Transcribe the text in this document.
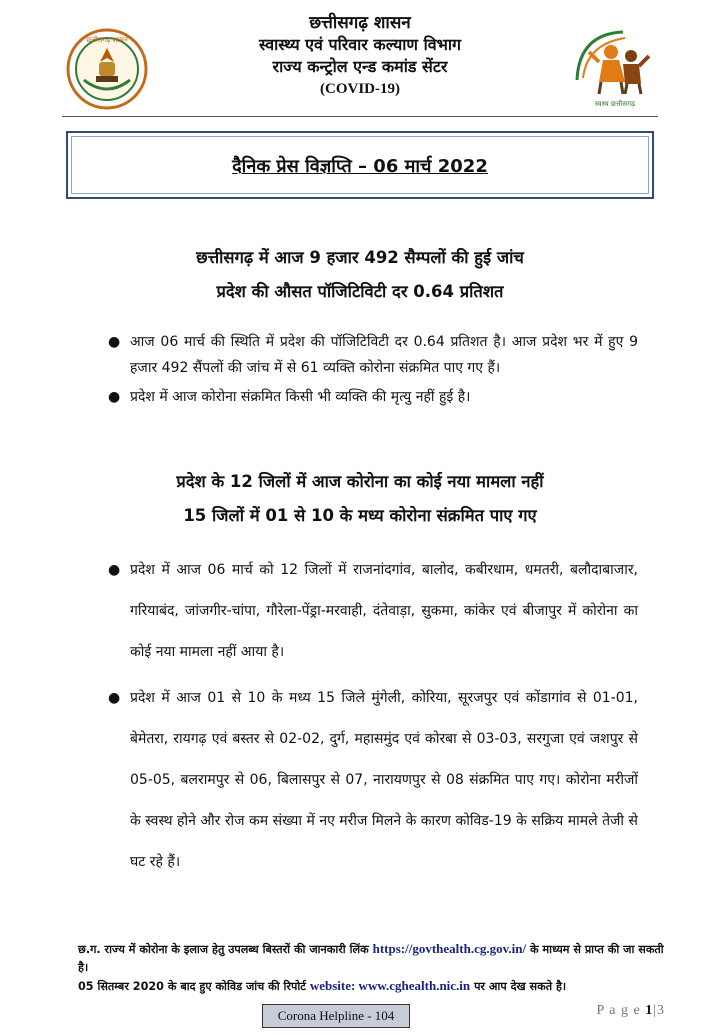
छत्तीसगढ़ शासन
छत्तीसगढ़ शासन
स्वास्थ्य एवं परिवार कल्याण विभाग
राज्य कन्ट्रोल एन्ड कमांड सेंटर
(COVID-19)
स्वस्थ छत्तीसगढ़
दैनिक प्रेस विज्ञप्ति – 06 मार्च 2022
छत्तीसगढ़ में आज 9 हजार 492 सैम्पलों की हुई जांच
प्रदेश की औसत पॉजिटिविटी दर 0.64 प्रतिशत
● आज 06 मार्च की स्थिति में प्रदेश की पॉजिटिविटी दर 0.64 प्रतिशत है। आज प्रदेश भर में हुए 9 हजार 492 सैंपलों की जांच में से 61 व्यक्ति कोरोना संक्रमित पाए गए हैं।
● प्रदेश में आज कोरोना संक्रमित किसी भी व्यक्ति की मृत्यु नहीं हुई है।
प्रदेश के 12 जिलों में आज कोरोना का कोई नया मामला नहीं
15 जिलों में 01 से 10 के मध्य कोरोना संक्रमित पाए गए
● प्रदेश में आज 06 मार्च को 12 जिलों में राजनांदगांव, बालोद, कबीरधाम, धमतरी, बलौदाबाजार, गरियाबंद, जांजगीर-चांपा, गौरेला-पेंड्रा-मरवाही, दंतेवाड़ा, सुकमा, कांकेर एवं बीजापुर में कोरोना का कोई नया मामला नहीं आया है।
● प्रदेश में आज 01 से 10 के मध्य 15 जिले मुंगेली, कोरिया, सूरजपुर एवं कोंडागांव से 01-01, बेमेतरा, रायगढ़ एवं बस्तर से 02-02, दुर्ग, महासमुंद एवं कोरबा से 03-03, सरगुजा एवं जशपुर से 05-05, बलरामपुर से 06, बिलासपुर से 07, नारायणपुर से 08 संक्रमित पाए गए। कोरोना मरीजों के स्वस्थ होने और रोज कम संख्या में नए मरीज मिलने के कारण कोविड-19 के सक्रिय मामले तेजी से घट रहे हैं।
छ.ग. राज्य में कोरोना के इलाज हेतु उपलब्ध बिस्तरों की जानकारी लिंक https://govthealth.cg.gov.in/ के माध्यम से प्राप्त की जा सकती है।
05 सितम्बर 2020 के बाद हुए कोविड जांच की रिपोर्ट website: www.cghealth.nic.in पर आप देख सकते है।
Corona Helpline - 104	P a g e 1|3
